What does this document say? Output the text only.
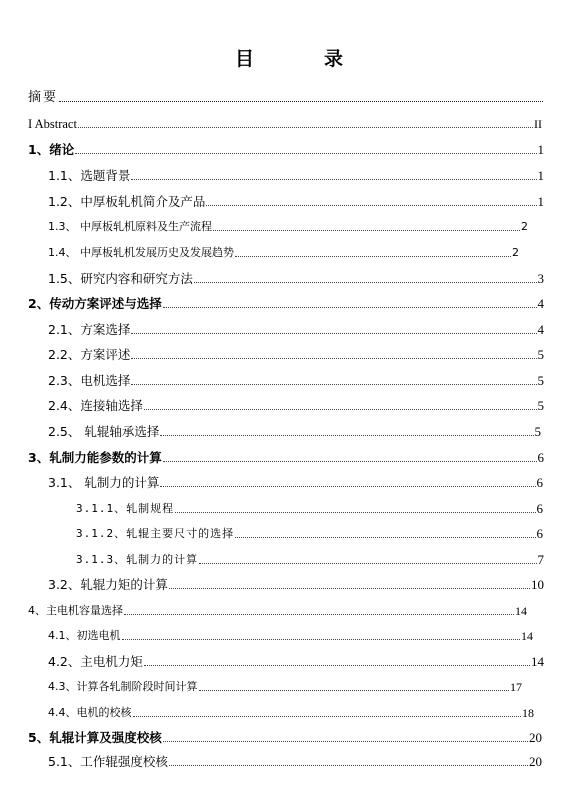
目	录
摘要
I Abstract	II
1、绪论	1
1.1、选题背景	1
1.2、中厚板轧机简介及产品	1
1.3、 中厚板轧机原料及生产流程	2
1.4、 中厚板轧机发展历史及发展趋势	2
1.5、研究内容和研究方法	3
2、传动方案评述与选择	4
2.1、方案选择	4
2.2、方案评述	5
2.3、电机选择	5
2.4、连接轴选择	5
2.5、 轧辊轴承选择	5
3、轧制力能参数的计算	6
3.1、 轧制力的计算	6
3.1.1、轧制规程	6
3.1.2、轧辊主要尺寸的选择	6
3.1.3、轧制力的计算	7
3.2、轧辊力矩的计算	10
4、主电机容量选择	14
4.1、初选电机	14
4.2、主电机力矩	14
4.3、计算各轧制阶段时间计算	17
4.4、电机的校核	18
5、轧辊计算及强度校核	20
5.1、工作辊强度校核	20
